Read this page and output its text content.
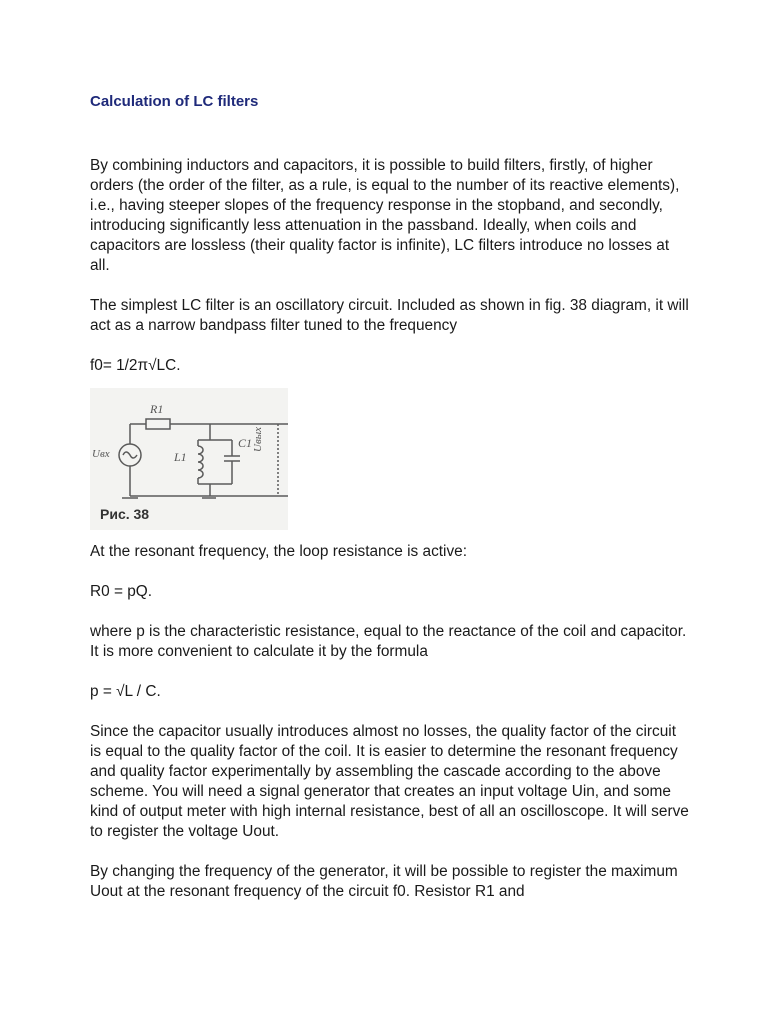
Calculation of LC filters

By combining inductors and capacitors, it is possible to build filters, firstly, of higher orders (the order of the filter, as a rule, is equal to the number of its reactive elements), i.e., having steeper slopes of the frequency response in the stopband, and secondly, introducing significantly less attenuation in the passband. Ideally, when coils and capacitors are lossless (their quality factor is infinite), LC filters introduce no losses at all.

The simplest LC filter is an oscillatory circuit. Included as shown in fig. 38 diagram, it will act as a narrow bandpass filter tuned to the frequency

f0= 1/2π√LC.

R1
L1
C1
Uвх
Uвых
Рис. 38

At the resonant frequency, the loop resistance is active:

R0 = pQ.

where p is the characteristic resistance, equal to the reactance of the coil and capacitor. It is more convenient to calculate it by the formula

p = √L / C.

Since the capacitor usually introduces almost no losses, the quality factor of the circuit is equal to the quality factor of the coil. It is easier to determine the resonant frequency and quality factor experimentally by assembling the cascade according to the above scheme. You will need a signal generator that creates an input voltage Uin, and some kind of output meter with high internal resistance, best of all an oscilloscope. It will serve to register the voltage Uout.

By changing the frequency of the generator, it will be possible to register the maximum Uout at the resonant frequency of the circuit f0. Resistor R1 and
